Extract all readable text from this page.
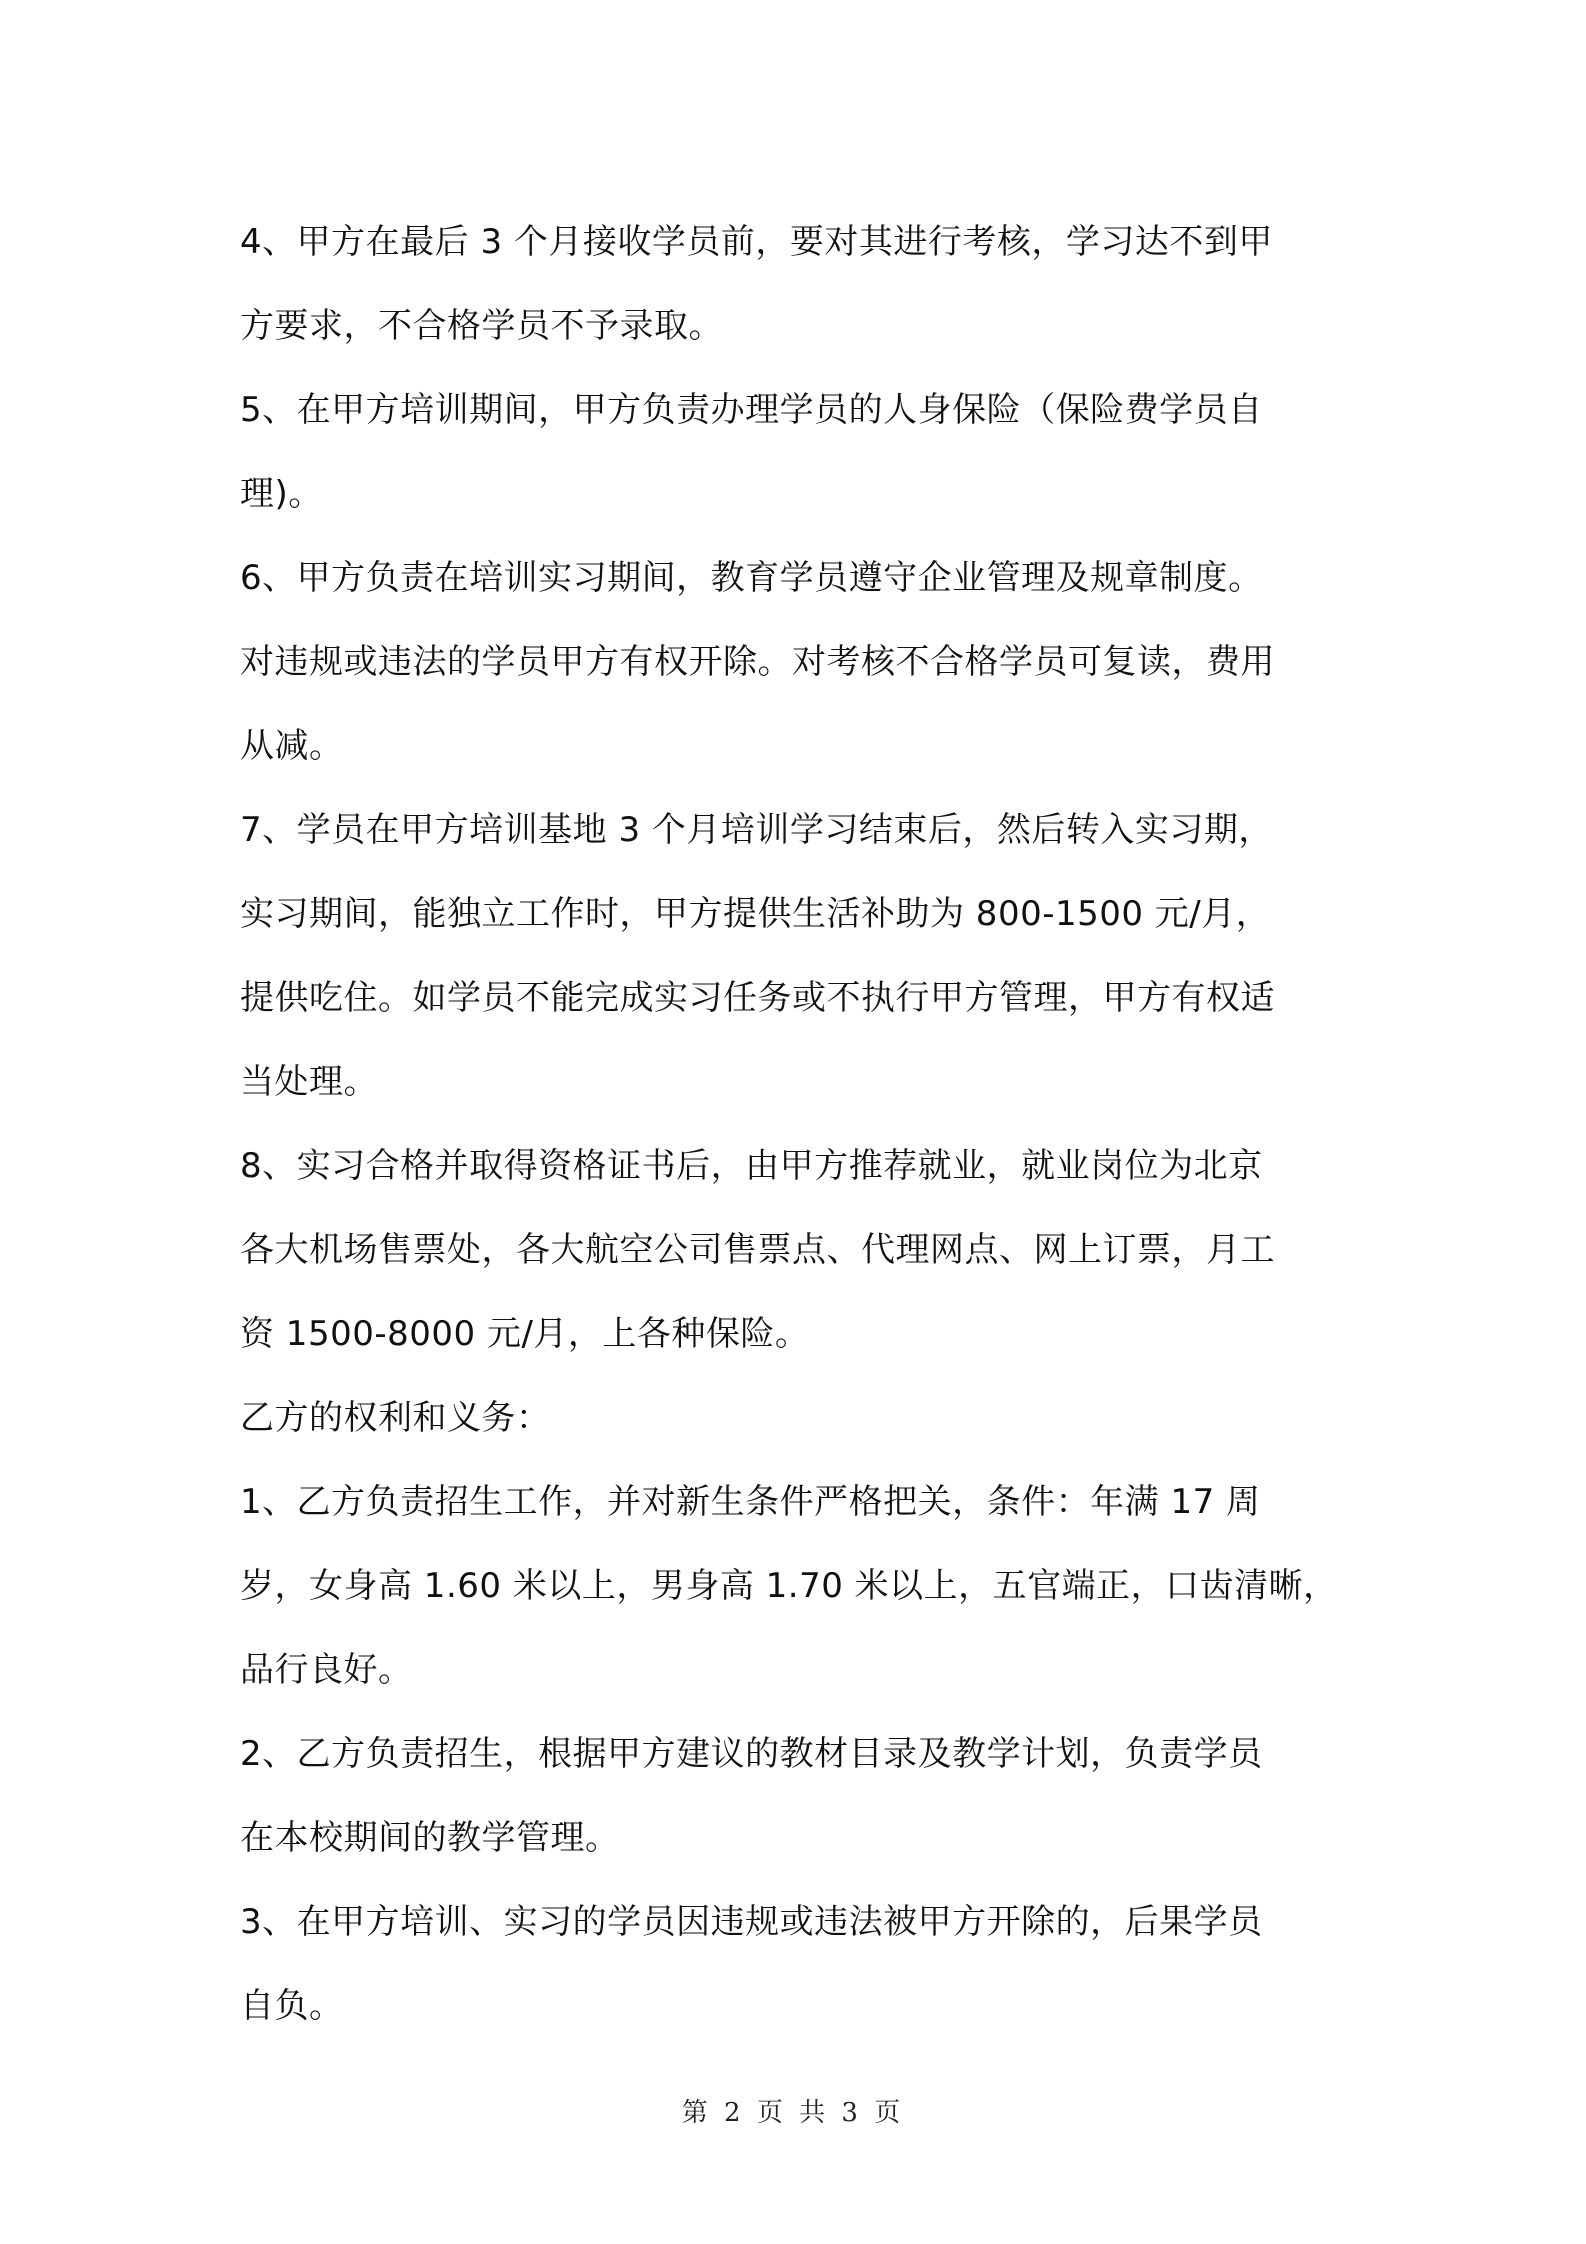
4、甲方在最后 3 个月接收学员前，要对其进行考核，学习达不到甲
方要求，不合格学员不予录取。
5、在甲方培训期间，甲方负责办理学员的人身保险（保险费学员自
理)。
6、甲方负责在培训实习期间，教育学员遵守企业管理及规章制度。
对违规或违法的学员甲方有权开除。对考核不合格学员可复读，费用
从减。
7、学员在甲方培训基地 3 个月培训学习结束后，然后转入实习期，
实习期间，能独立工作时，甲方提供生活补助为 800-1500 元/月，
提供吃住。如学员不能完成实习任务或不执行甲方管理，甲方有权适
当处理。
8、实习合格并取得资格证书后，由甲方推荐就业，就业岗位为北京
各大机场售票处，各大航空公司售票点、代理网点、网上订票，月工
资 1500-8000 元/月，上各种保险。
乙方的权利和义务：
1、乙方负责招生工作，并对新生条件严格把关，条件：年满 17 周
岁，女身高 1.60 米以上，男身高 1.70 米以上，五官端正，口齿清晰，
品行良好。
2、乙方负责招生，根据甲方建议的教材目录及教学计划，负责学员
在本校期间的教学管理。
3、在甲方培训、实习的学员因违规或违法被甲方开除的，后果学员
自负。
第 2 页 共 3 页
